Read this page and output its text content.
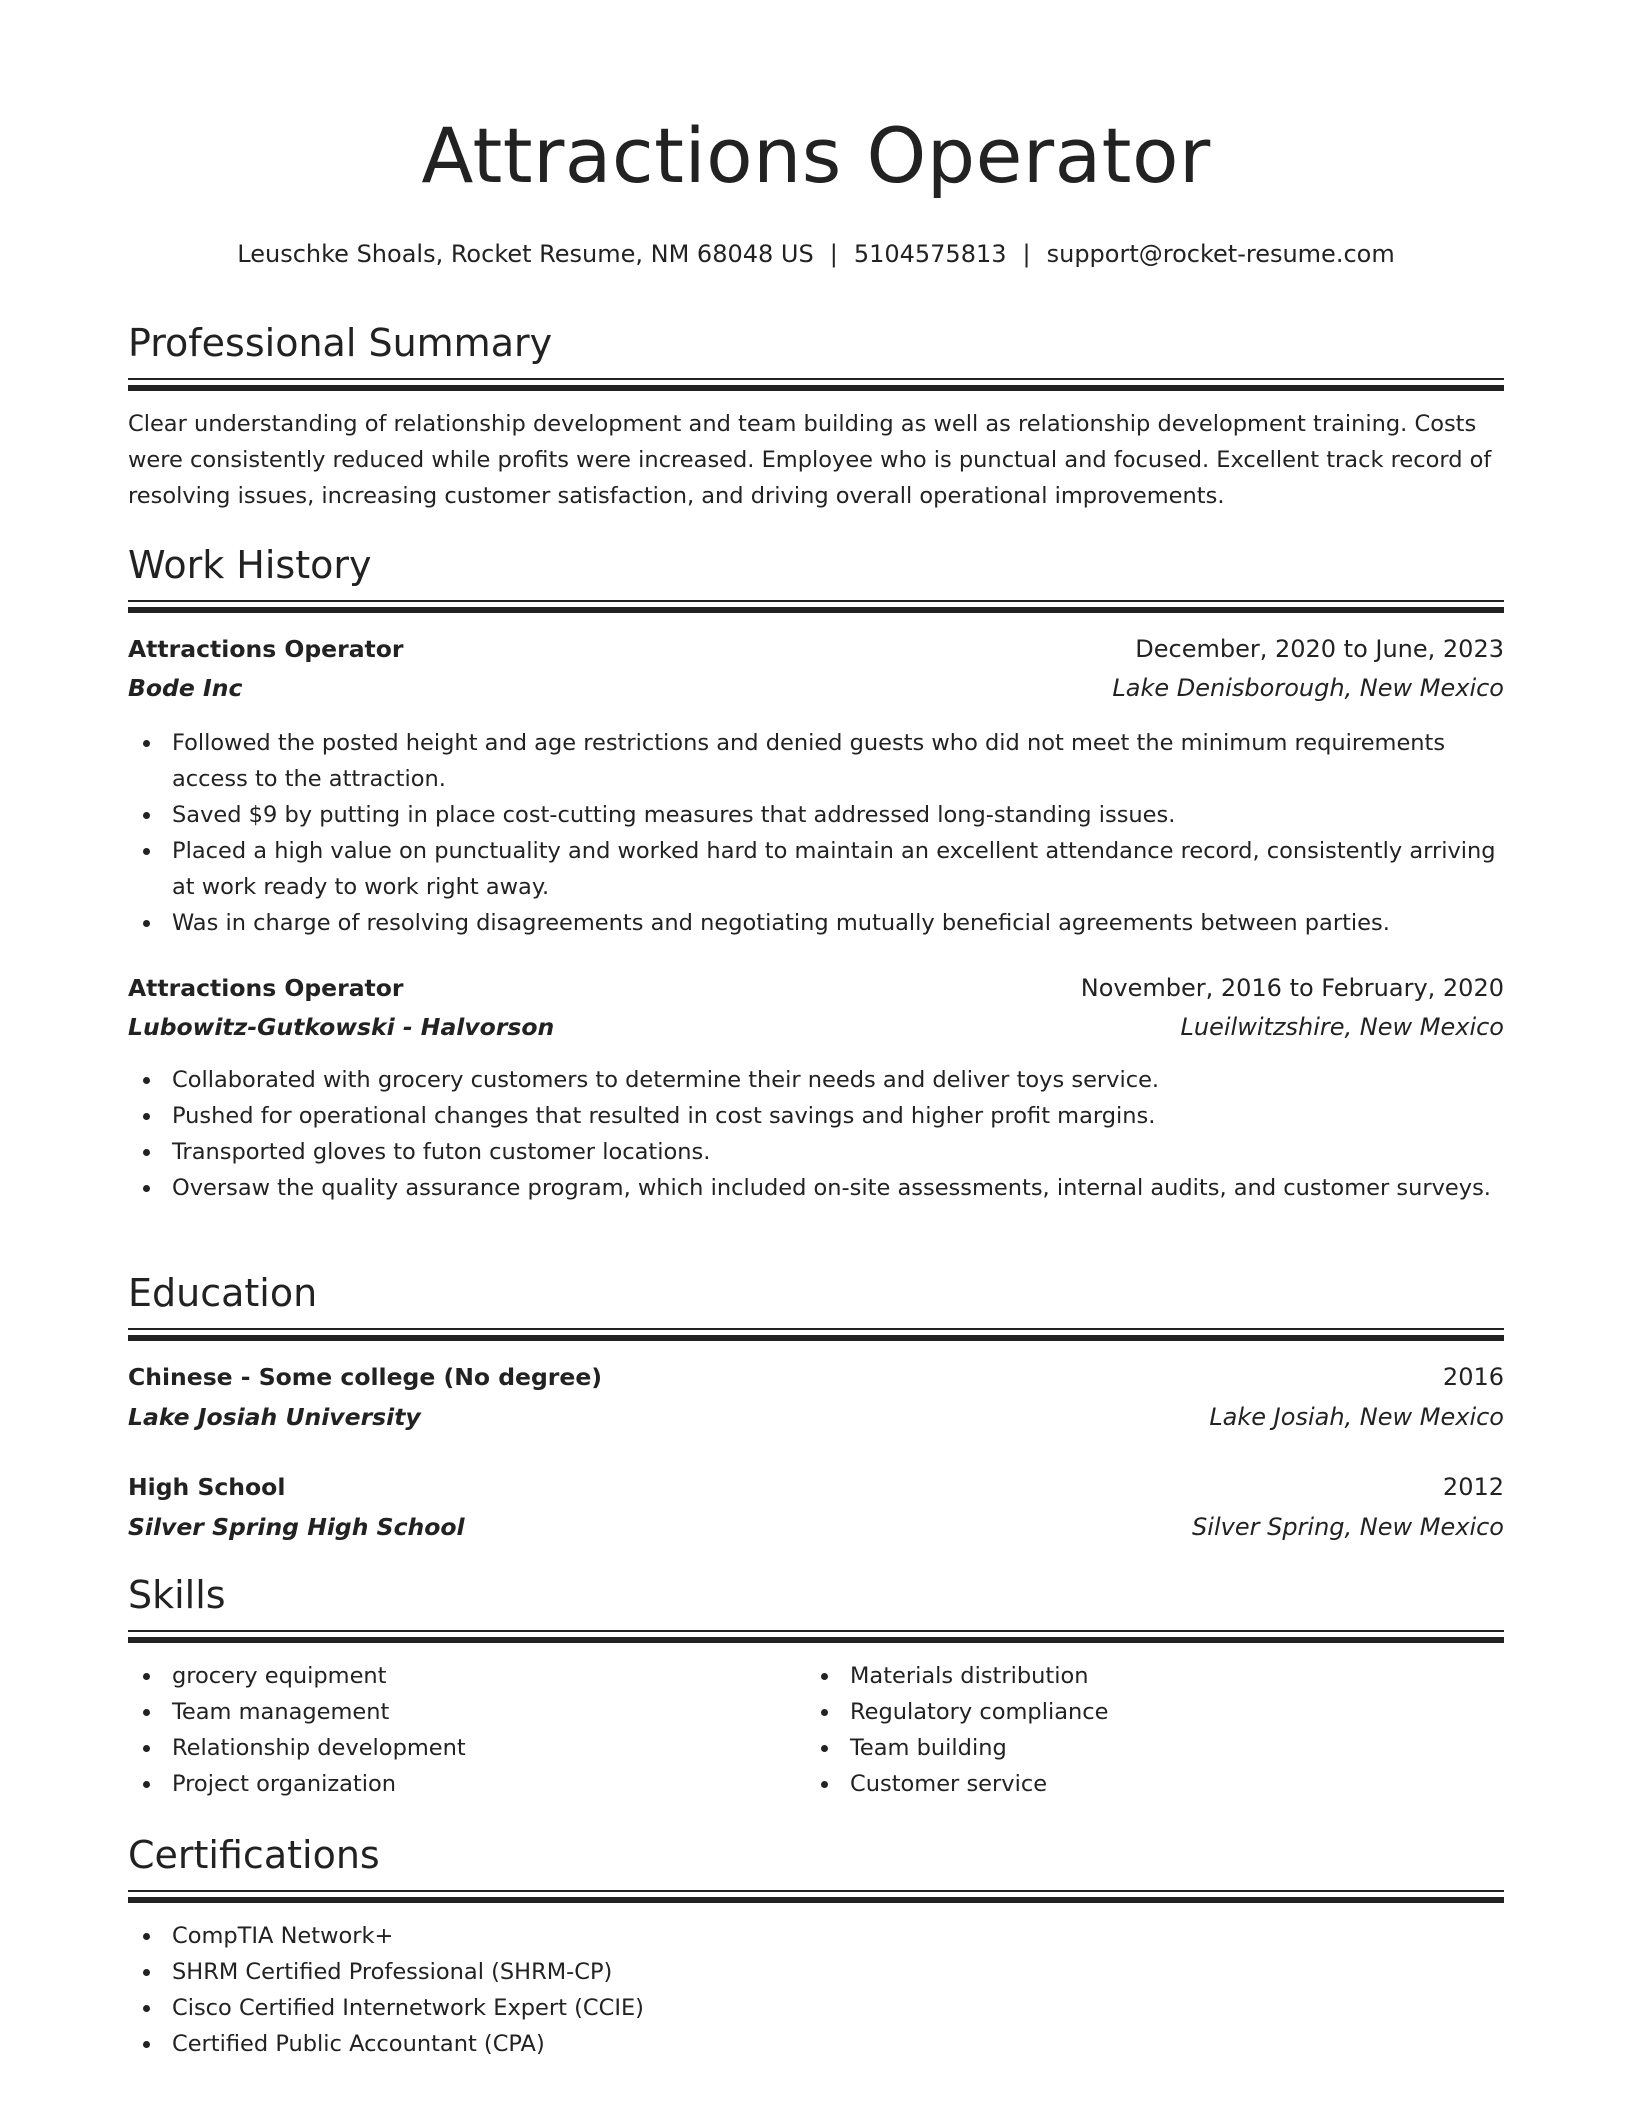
Attractions Operator
Leuschke Shoals, Rocket Resume, NM 68048 US | 5104575813 | support@rocket-resume.com
Professional Summary
Clear understanding of relationship development and team building as well as relationship development training. Costs were consistently reduced while profits were increased. Employee who is punctual and focused. Excellent track record of resolving issues, increasing customer satisfaction, and driving overall operational improvements.
Work History
Attractions Operator	December, 2020 to June, 2023
Bode Inc	Lake Denisborough, New Mexico
Followed the posted height and age restrictions and denied guests who did not meet the minimum requirements access to the attraction.
Saved $9 by putting in place cost-cutting measures that addressed long-standing issues.
Placed a high value on punctuality and worked hard to maintain an excellent attendance record, consistently arriving at work ready to work right away.
Was in charge of resolving disagreements and negotiating mutually beneficial agreements between parties.
Attractions Operator	November, 2016 to February, 2020
Lubowitz-Gutkowski - Halvorson	Lueilwitzshire, New Mexico
Collaborated with grocery customers to determine their needs and deliver toys service.
Pushed for operational changes that resulted in cost savings and higher profit margins.
Transported gloves to futon customer locations.
Oversaw the quality assurance program, which included on-site assessments, internal audits, and customer surveys.
Education
Chinese - Some college (No degree)	2016
Lake Josiah University	Lake Josiah, New Mexico
High School	2012
Silver Spring High School	Silver Spring, New Mexico
Skills
grocery equipment
Team management
Relationship development
Project organization
Materials distribution
Regulatory compliance
Team building
Customer service
Certifications
CompTIA Network+
SHRM Certified Professional (SHRM-CP)
Cisco Certified Internetwork Expert (CCIE)
Certified Public Accountant (CPA)
